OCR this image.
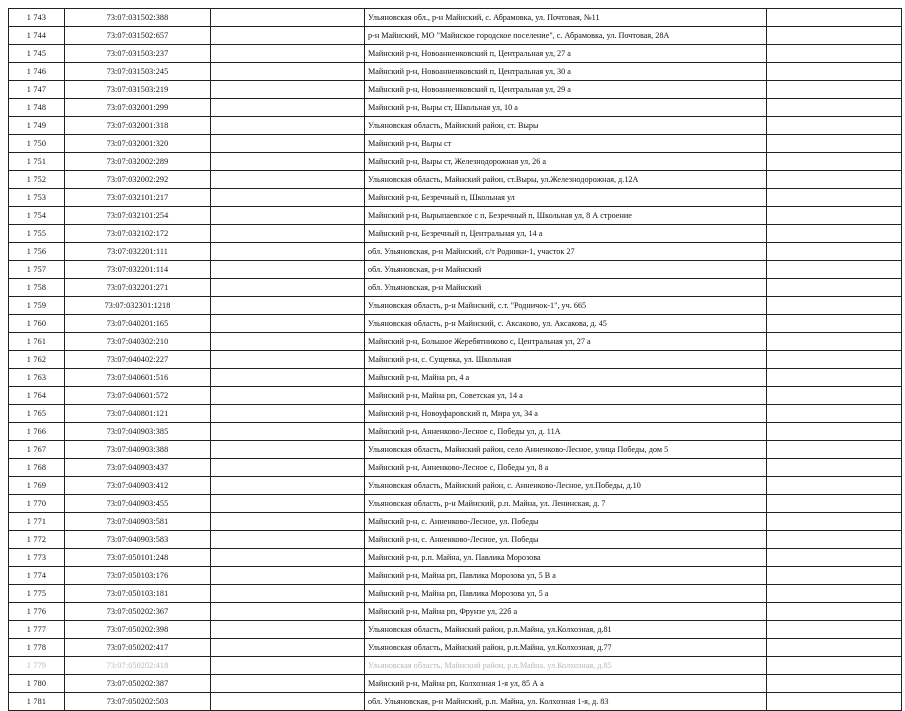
1 743	73:07:031502:388		Ульяновская обл., р-н Майнский, с. Абрамовка, ул. Почтовая, №11	
1 744	73:07:031502:657		р-н Майнский, МО "Майнское городское поселение", с. Абрамовка, ул. Почтовая, 28А	
1 745	73:07:031503:237		Майнский р-н, Новоанненковский п, Центральная ул, 27 а	
1 746	73:07:031503:245		Майнский р-н, Новоанненковский п, Центральная ул, 30 а	
1 747	73:07:031503:219		Майнский р-н, Новоанненковский п, Центральная ул, 29 а	
1 748	73:07:032001:299		Майнский р-н, Выры ст, Школьная ул, 10 а	
1 749	73:07:032001:318		Ульяновская область, Майнский район, ст. Выры	
1 750	73:07:032001:320		Майнский р-н, Выры ст	
1 751	73:07:032002:289		Майнский р-н, Выры ст, Железнодорожная ул, 26 а	
1 752	73:07:032002:292		Ульяновская область, Майнский район, ст.Выры, ул.Железнодорожная, д.12А	
1 753	73:07:032101:217		Майнский р-н, Безречный п, Школьная ул	
1 754	73:07:032101:254		Майнский р-н, Вырыпаевское с п, Безречный п, Школьная ул, 8 А строение	
1 755	73:07:032102:172		Майнский р-н, Безречный п, Центральная ул, 14 а	
1 756	73:07:032201:111		обл. Ульяновская, р-н Майнский, с/т Родники-1, участок 27	
1 757	73:07:032201:114		обл. Ульяновская, р-н Майнский	
1 758	73:07:032201:271		обл. Ульяновская, р-н Майнский	
1 759	73:07:032301:1218		Ульяновская область, р-н Майнский, с.т. "Родничок-1", уч. 665	
1 760	73:07:040201:165		Ульяновская область, р-н Майнский, с. Аксаково, ул. Аксакова, д. 45	
1 761	73:07:040302:210		Майнский р-н, Большое Жеребятниково с, Центральная ул, 27 а	
1 762	73:07:040402:227		Майнский р-н, с. Сущевка, ул. Школьная	
1 763	73:07:040601:516		Майнский р-н, Майна рп, 4 а	
1 764	73:07:040601:572		Майнский р-н, Майна рп, Советская ул, 14 а	
1 765	73:07:040801:121		Майнский р-н, Новоуфаровский п, Мира ул, 34 а	
1 766	73:07:040903:385		Майнский р-н, Анненково-Лесное с, Победы ул, д. 11А	
1 767	73:07:040903:388		Ульяновская область, Майнский район, село Анненково-Лесное, улица Победы, дом 5	
1 768	73:07:040903:437		Майнский р-н, Анненково-Лесное с, Победы ул, 8 а	
1 769	73:07:040903:412		Ульяновская область, Майнский район, с. Анненково-Лесное, ул.Победы, д.10	
1 770	73:07:040903:455		Ульяновская область, р-н Майнский, р.п. Майна, ул. Ленинская, д. 7	
1 771	73:07:040903:581		Майнский р-н, с. Анненково-Лесное, ул. Победы	
1 772	73:07:040903:583		Майнский р-н, с. Анненково-Лесное, ул. Победы	
1 773	73:07:050101:248		Майнский р-н, р.п. Майна, ул. Павлика Морозова	
1 774	73:07:050103:176		Майнский р-н, Майна рп, Павлика Морозова ул, 5 В а	
1 775	73:07:050103:181		Майнский р-н, Майна рп, Павлика Морозова ул, 5 а	
1 776	73:07:050202:367		Майнский р-н, Майна рп, Фрунзе ул, 22б а	
1 777	73:07:050202:398		Ульяновская область, Майнский район, р.п.Майна, ул.Колхозная, д.81	
1 778	73:07:050202:417		Ульяновская область, Майнский район, р.п.Майна, ул.Колхозная, д.77	
1 779	73:07:050202:418		Ульяновская область, Майнский район, р.п.Майна, ул.Колхозная, д.85	
1 780	73:07:050202:387		Майнский р-н, Майна рп, Колхозная 1-я ул, 85 А а	
1 781	73:07:050202:503		обл. Ульяновская, р-н Майнский, р.п. Майна, ул. Колхозная 1-я, д. 83	
